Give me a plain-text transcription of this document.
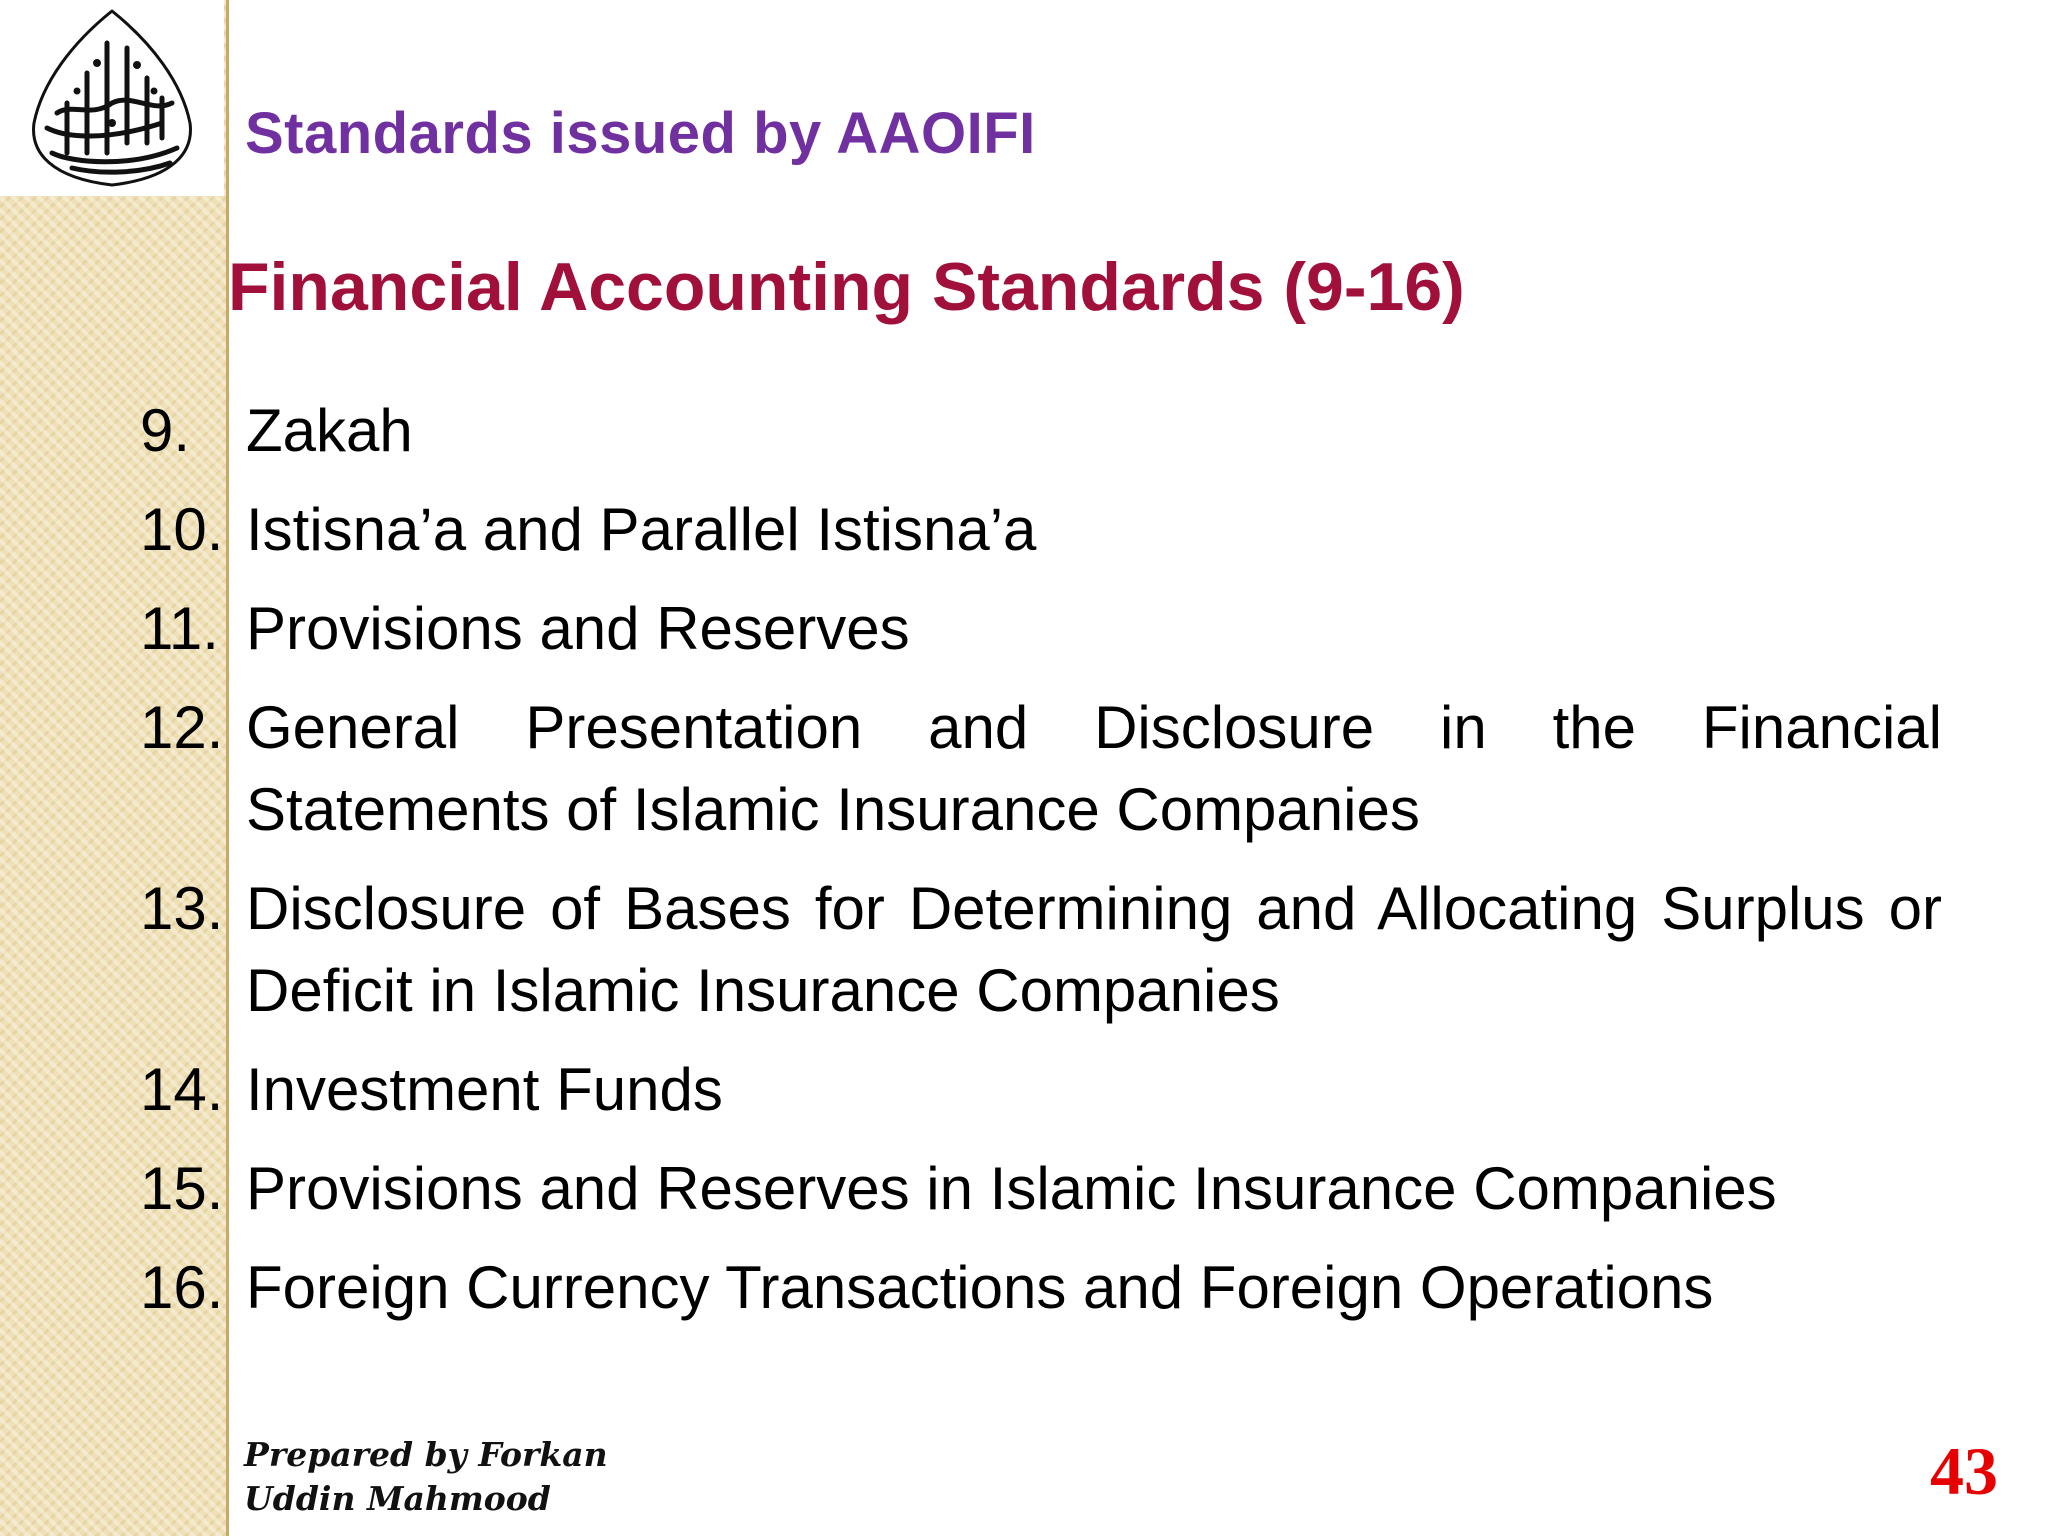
Standards issued by AAOIFI
Financial Accounting Standards (9-16)
9. Zakah
10. Istisna’a and Parallel Istisna’a
11. Provisions and Reserves
12. General Presentation and Disclosure in the Financial Statements of Islamic Insurance Companies
13. Disclosure of Bases for Determining and Allocating Surplus or Deficit in Islamic Insurance Companies
14. Investment Funds
15. Provisions and Reserves in Islamic Insurance Companies
16. Foreign Currency Transactions and Foreign Operations
Prepared by Forkan Uddin Mahmood	43
